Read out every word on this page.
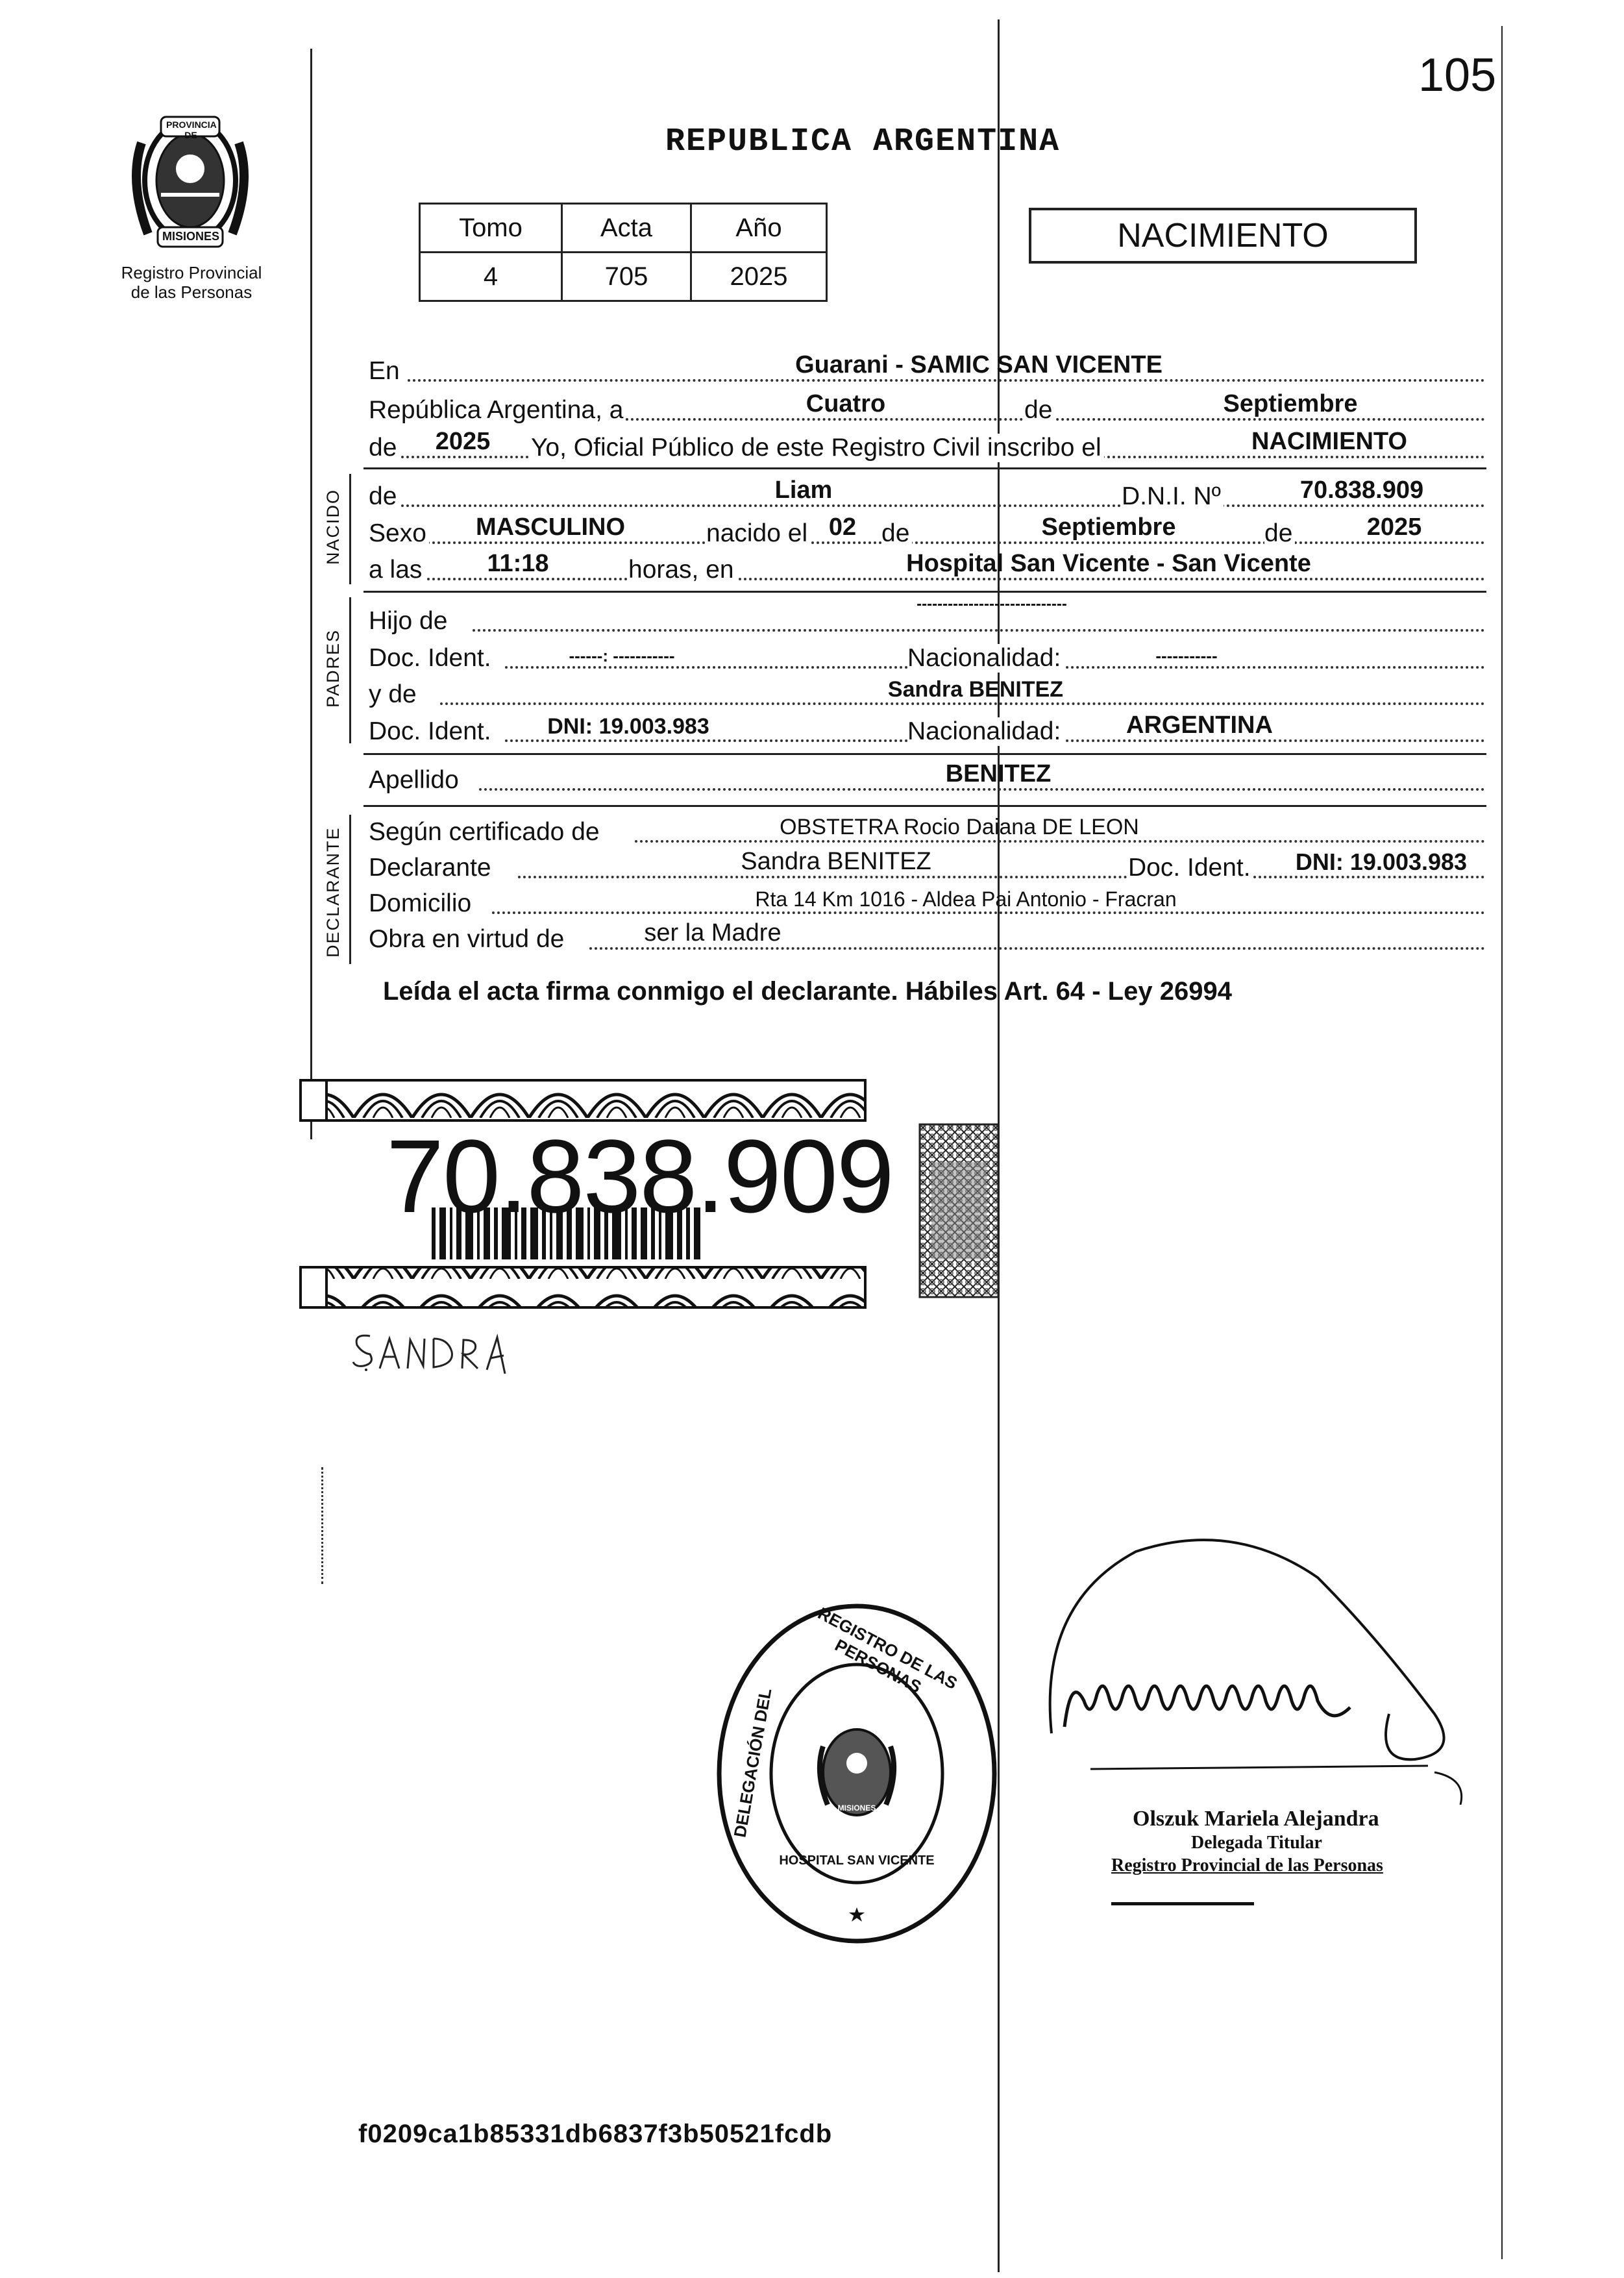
105
PROVINCIA DE
MISIONES
Registro Provincial
de las Personas
REPUBLICA ARGENTINA
Tomo	Acta	Año
4	705	2025
NACIMIENTO
NACIDO
PADRES
DECLARANTE
En	Guarani - SAMIC SAN VICENTE
República Argentina, a	Cuatro	de	Septiembre
de	2025	Yo, Oficial Público de este Registro Civil inscribo el	NACIMIENTO
de	Liam	D.N.I. Nº	70.838.909
Sexo	MASCULINO	nacido el 02 de	Septiembre	de	2025
a las	11:18	horas, en	Hospital San Vicente - San Vicente
Hijo de
-----------------------------
Doc. Ident.	------: -----------	Nacionalidad:	-----------
y de	Sandra BENITEZ
Doc. Ident.	DNI: 19.003.983	Nacionalidad:	ARGENTINA
Apellido	BENITEZ
Según certificado de	OBSTETRA Rocio Daiana DE LEON
Declarante	Sandra BENITEZ	Doc. Ident.	DNI: 19.003.983
Domicilio	Rta 14 Km 1016 - Aldea Pai Antonio - Fracran
Obra en virtud de	ser la Madre
Leída el acta firma conmigo el declarante. Hábiles Art. 64 - Ley 26994
70.838.909
REGISTRO DE LAS PERSONAS
DELEGACIÓN DEL
HOSPITAL SAN VICENTE
MISIONES	Olszuk Mariela Alejandra
Delegada Titular
Registro Provincial de las Personas
f0209ca1b85331db6837f3b50521fcdb
